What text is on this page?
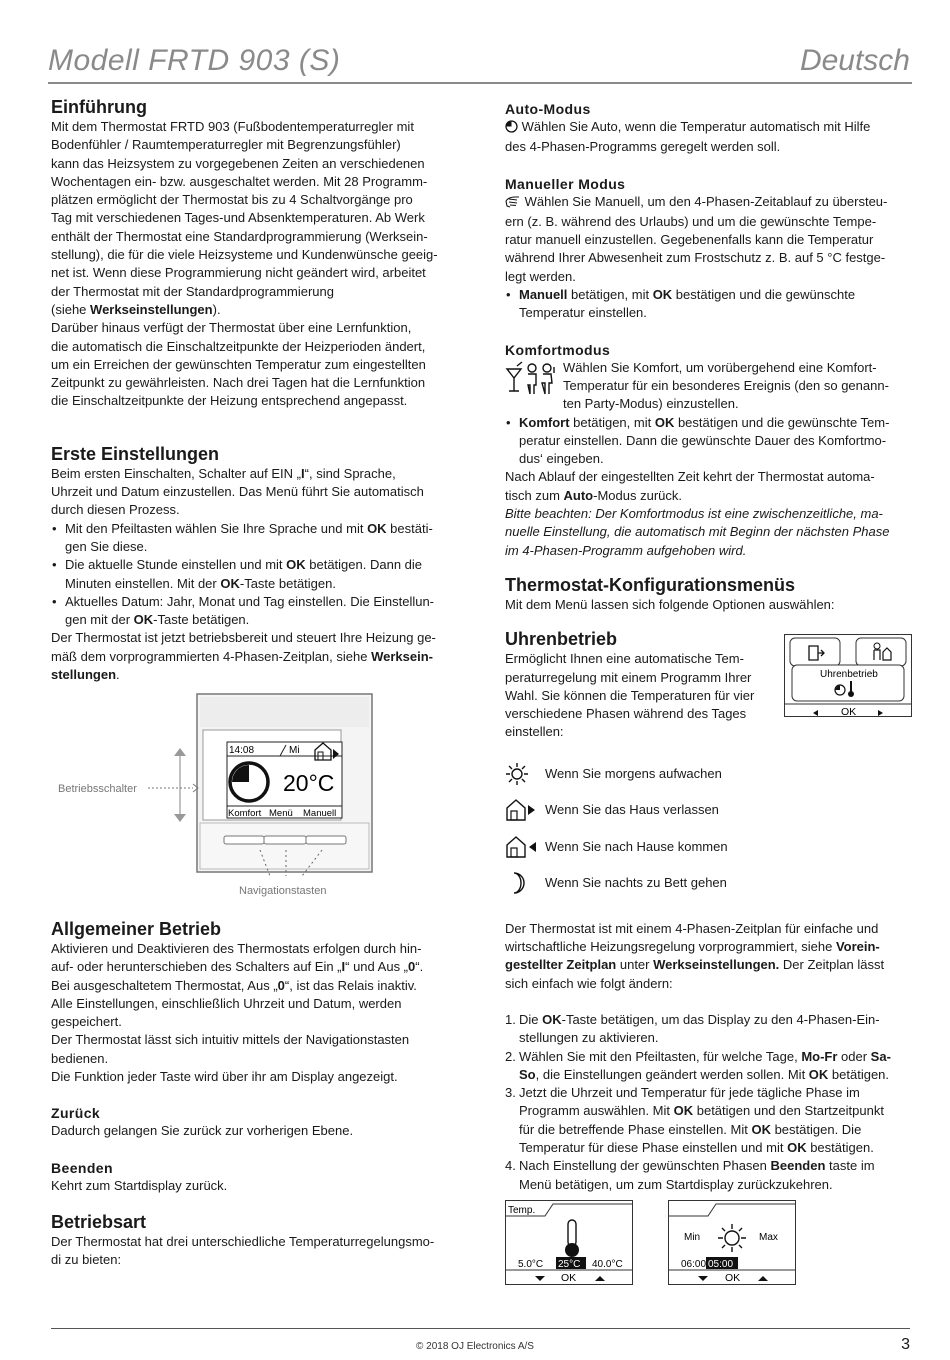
Modell FRTD 903 (S)	Deutsch
Einführung

Mit dem Thermostat FRTD 903 (Fußbodentemperaturregler mit

Bodenfühler / Raumtemperaturregler mit Begrenzungsfühler)

kann das Heizsystem zu vorgegebenen Zeiten an verschiedenen

Wochentagen ein- bzw. ausgeschaltet werden. Mit 28 Programm-

plätzen ermöglicht der Thermostat bis zu 4 Schaltvorgänge pro

Tag mit verschiedenen Tages-und Absenktemperaturen. Ab Werk

enthält der Thermostat eine Standardprogrammierung (Werksein-

stellung), die für die viele Heizsysteme und Kundenwünsche geeig-

net ist. Wenn diese Programmierung nicht geändert wird, arbeitet

der Thermostat mit der Standardprogrammierung

(siehe Werkseinstellungen).

Darüber hinaus verfügt der Thermostat über eine Lernfunktion,

die automatisch die Einschaltzeitpunkte der Heizperioden ändert,

um ein Erreichen der gewünschten Temperatur zum eingestellten

Zeitpunkt zu gewährleisten. Nach drei Tagen hat die Lernfunktion

die Einschaltzeitpunkte der Heizung entsprechend angepasst.

Erste Einstellungen

Beim ersten Einschalten, Schalter auf EIN „I“, sind Sprache,

Uhrzeit und Datum einzustellen. Das Menü führt Sie automatisch

durch diesen Prozess.

• Mit den Pfeiltasten wählen Sie Ihre Sprache und mit OK bestäti-
gen Sie diese.
• Die aktuelle Stunde einstellen und mit OK betätigen. Dann die
Minuten einstellen. Mit der OK-Taste betätigen.
• Aktuelles Datum: Jahr, Monat und Tag einstellen. Die Einstellun-
gen mit der OK-Taste betätigen.

Der Thermostat ist jetzt betriebsbereit und steuert Ihre Heizung ge-

mäß dem vorprogrammierten 4-Phasen-Zeitplan, siehe Werksein-

stellungen.

14:08	Mi
20°C
Komfort Menü Manuell
Betriebsschalter
Navigationstasten
Allgemeiner Betrieb

Aktivieren und Deaktivieren des Thermostats erfolgen durch hin-

auf- oder herunterschieben des Schalters auf Ein „I“ und Aus „0“.

Bei ausgeschaltetem Thermostat, Aus „0“, ist das Relais inaktiv.

Alle Einstellungen, einschließlich Uhrzeit und Datum, werden

gespeichert.

Der Thermostat lässt sich intuitiv mittels der Navigationstasten

bedienen.

Die Funktion jeder Taste wird über ihr am Display angezeigt.

Zurück

Dadurch gelangen Sie zurück zur vorherigen Ebene.

Beenden

Kehrt zum Startdisplay zurück.

Betriebsart

Der Thermostat hat drei unterschiedliche Temperaturregelungsmo-

di zu bieten:

Auto-Modus

Wählen Sie Auto, wenn die Temperatur automatisch mit Hilfe

des 4-Phasen-Programms geregelt werden soll.

Manueller Modus

Wählen Sie Manuell, um den 4-Phasen-Zeitablauf zu übersteu-

ern (z. B. während des Urlaubs) und um die gewünschte Tempe-

ratur manuell einzustellen. Gegebenenfalls kann die Temperatur

während Ihrer Abwesenheit zum Frostschutz z. B. auf 5 °C festge-

legt werden.

• Manuell betätigen, mit OK bestätigen und die gewünschte
Temperatur einstellen.
Komfortmodus

Wählen Sie Komfort, um vorübergehend eine Komfort-

Temperatur für ein besonderes Ereignis (den so genann-

ten Party-Modus) einzustellen.

• Komfort betätigen, mit OK bestätigen und die gewünschte Tem-
peratur einstellen. Dann die gewünschte Dauer des Komfortmo-
dus‘ eingeben.

Nach Ablauf der eingestellten Zeit kehrt der Thermostat automa-

tisch zum Auto-Modus zurück.

Bitte beachten: Der Komfortmodus ist eine zwischenzeitliche, ma-

nuelle Einstellung, die automatisch mit Beginn der nächsten Phase

im 4-Phasen-Programm aufgehoben wird.

Thermostat-Konfigurationsmenüs

Mit dem Menü lassen sich folgende Optionen auswählen:

Uhrenbetrieb

Ermöglicht Ihnen eine automatische Tem-

peraturregelung mit einem Programm Ihrer

Wahl. Sie können die Temperaturen für vier

verschiedene Phasen während des Tages

einstellen:

Wenn Sie morgens aufwachen
Wenn Sie das Haus verlassen
Wenn Sie nach Hause kommen
Wenn Sie nachts zu Bett gehen

Der Thermostat ist mit einem 4-Phasen-Zeitplan für einfache und

wirtschaftliche Heizungsregelung vorprogrammiert, siehe Vorein-

gestellter Zeitplan unter Werkseinstellungen. Der Zeitplan lässt

sich einfach wie folgt ändern:

1. Die OK-Taste betätigen, um das Display zu den 4-Phasen-Ein-
stellungen zu aktivieren.
2. Wählen Sie mit den Pfeiltasten, für welche Tage, Mo-Fr oder Sa-
So, die Einstellungen geändert werden sollen. Mit OK betätigen.
3. Jetzt die Uhrzeit und Temperatur für jede tägliche Phase im
Programm auswählen. Mit OK betätigen und den Startzeitpunkt
für die betreffende Phase einstellen. Mit OK bestätigen. Die
Temperatur für diese Phase einstellen und mit OK bestätigen.
4. Nach Einstellung der gewünschten Phasen Beenden taste im
Menü betätigen, um zum Startdisplay zurückzukehren.
Uhrenbetrieb
OK
Temp.
5.0°C 25°C 40.0°C
OK
Min	Max
06:00 05:00
OK
© 2018 OJ Electronics A/S	3
